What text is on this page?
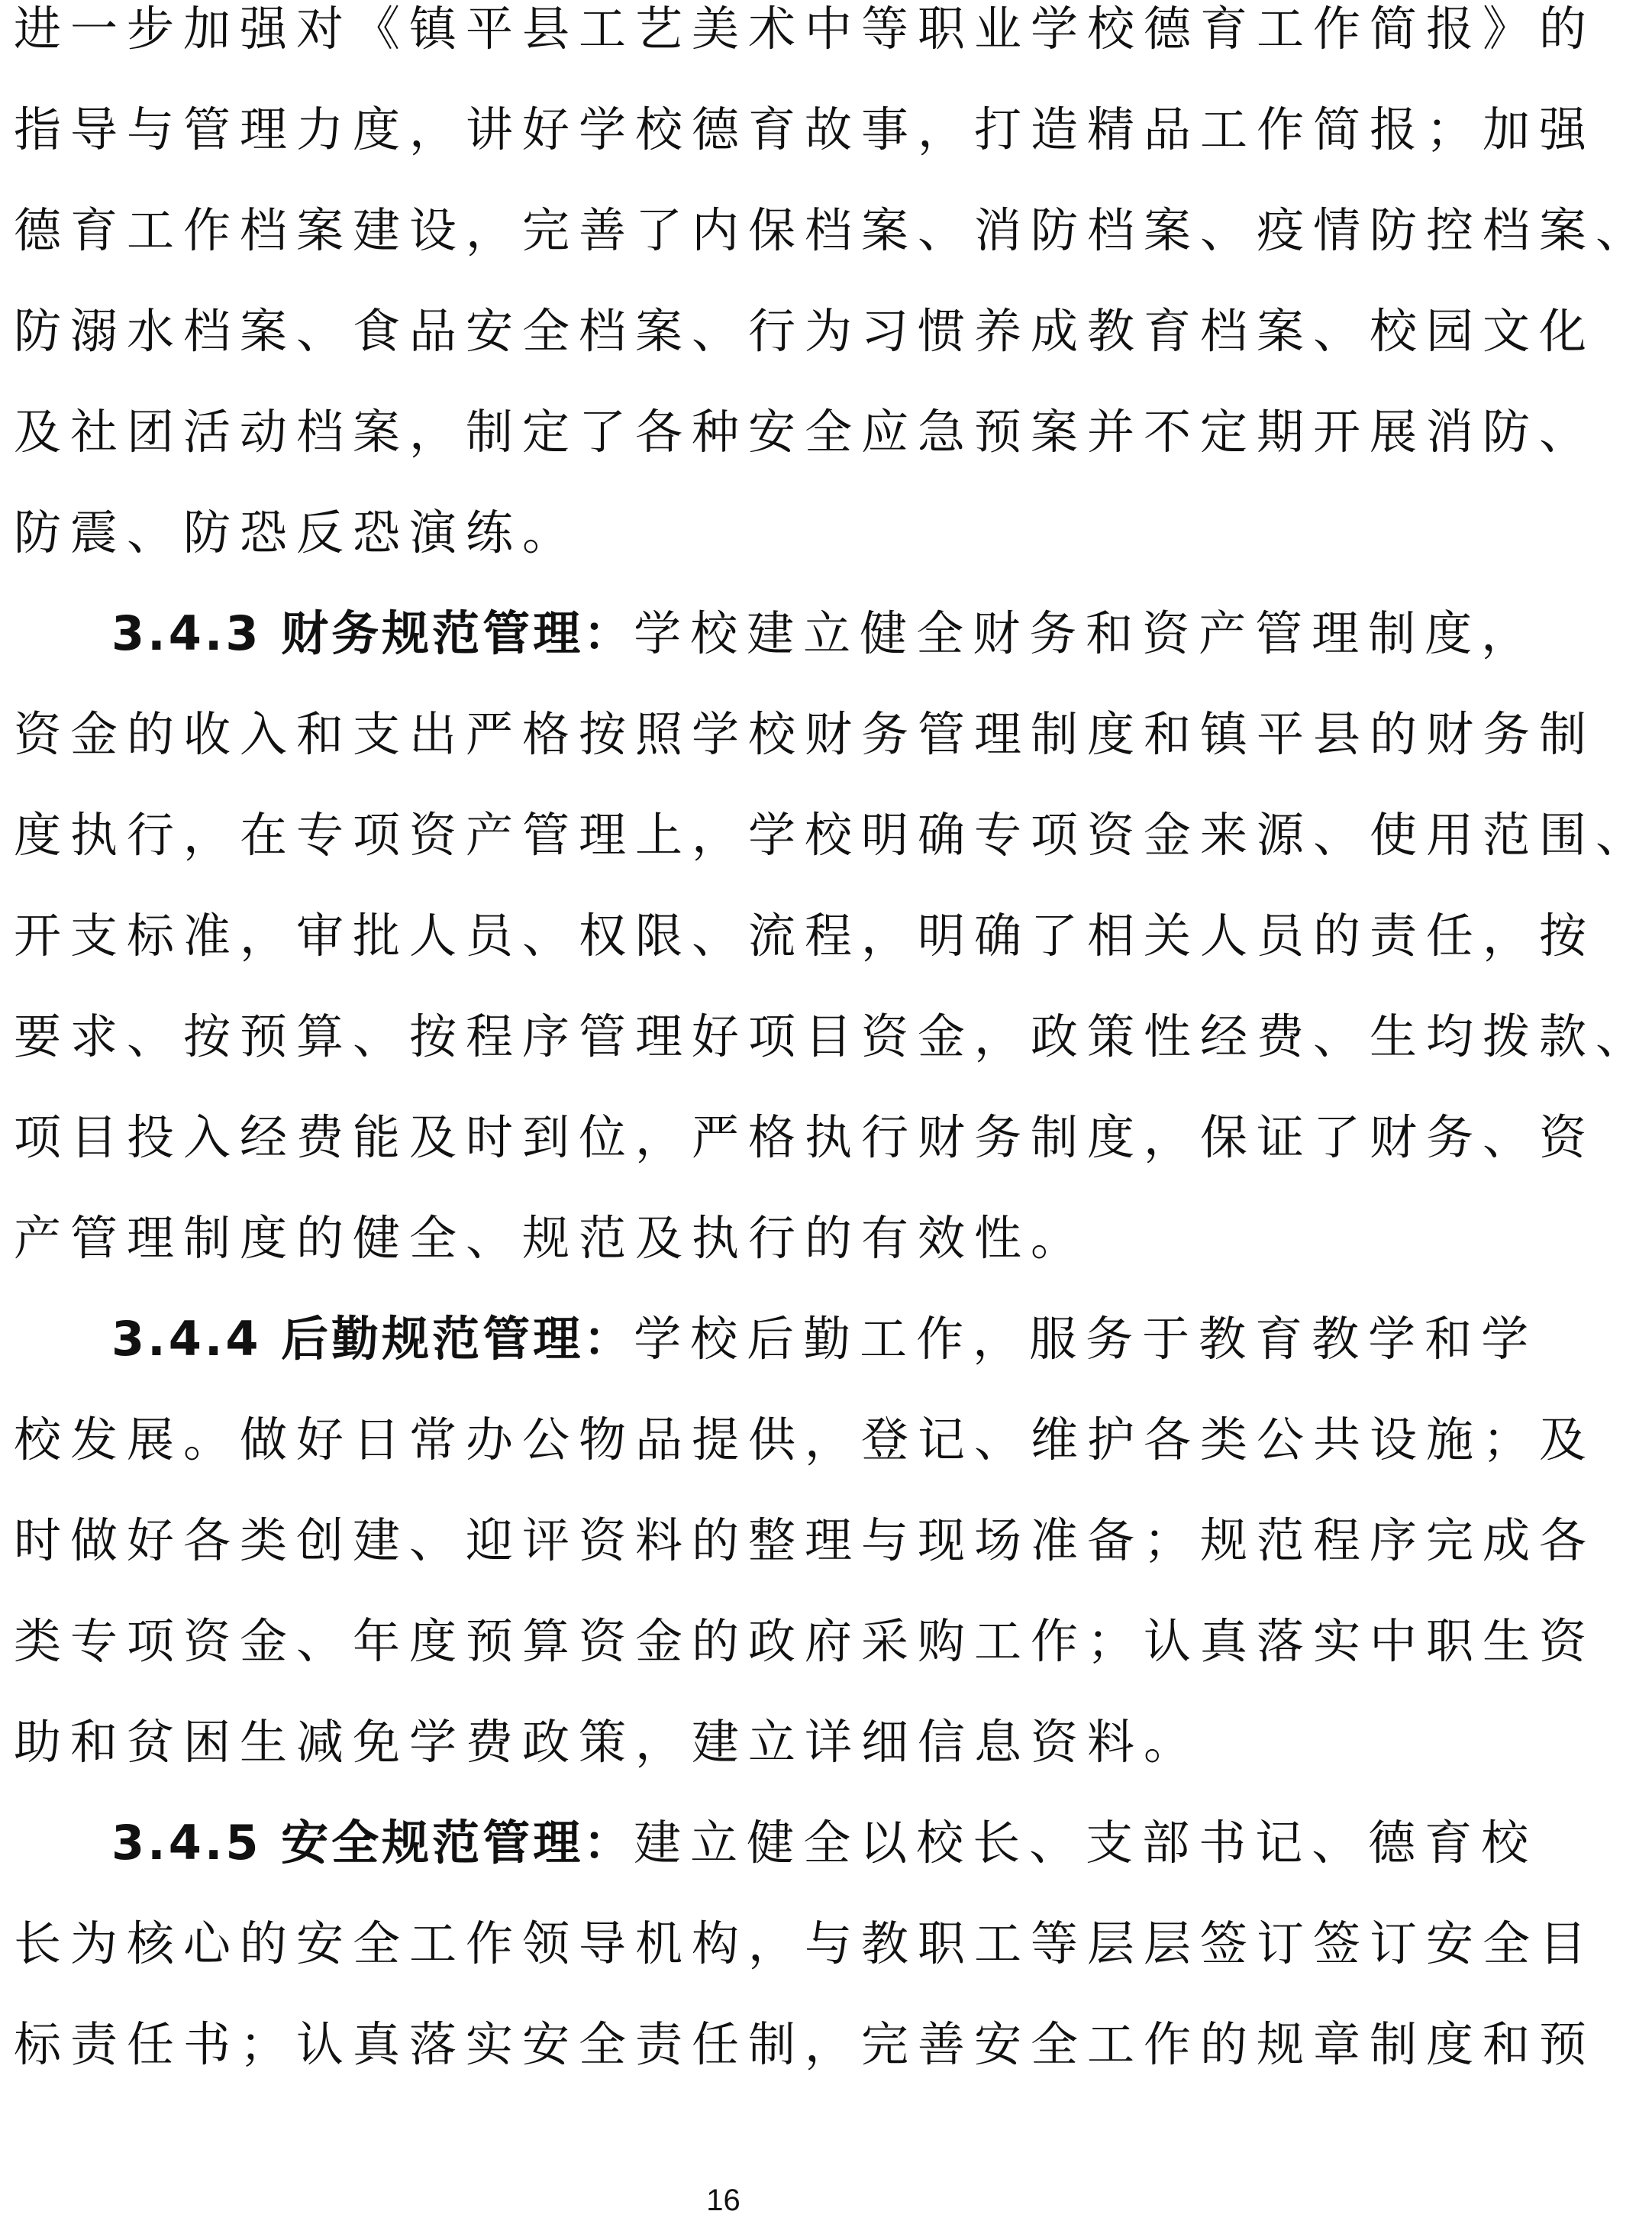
进一步加强对《镇平县工艺美术中等职业学校德育工作简报》的
指导与管理力度，讲好学校德育故事，打造精品工作简报；加强
德育工作档案建设，完善了内保档案、消防档案、疫情防控档案、
防溺水档案、食品安全档案、行为习惯养成教育档案、校园文化
及社团活动档案，制定了各种安全应急预案并不定期开展消防、
防震、防恐反恐演练。
3.4.3 财务规范管理：学校建立健全财务和资产管理制度，
资金的收入和支出严格按照学校财务管理制度和镇平县的财务制
度执行，在专项资产管理上，学校明确专项资金来源、使用范围、
开支标准，审批人员、权限、流程，明确了相关人员的责任，按
要求、按预算、按程序管理好项目资金，政策性经费、生均拨款、
项目投入经费能及时到位，严格执行财务制度，保证了财务、资
产管理制度的健全、规范及执行的有效性。
3.4.4 后勤规范管理：学校后勤工作，服务于教育教学和学
校发展。做好日常办公物品提供，登记、维护各类公共设施；及
时做好各类创建、迎评资料的整理与现场准备；规范程序完成各
类专项资金、年度预算资金的政府采购工作；认真落实中职生资
助和贫困生减免学费政策，建立详细信息资料。
3.4.5 安全规范管理：建立健全以校长、支部书记、德育校
长为核心的安全工作领导机构，与教职工等层层签订签订安全目
标责任书；认真落实安全责任制，完善安全工作的规章制度和预
16
